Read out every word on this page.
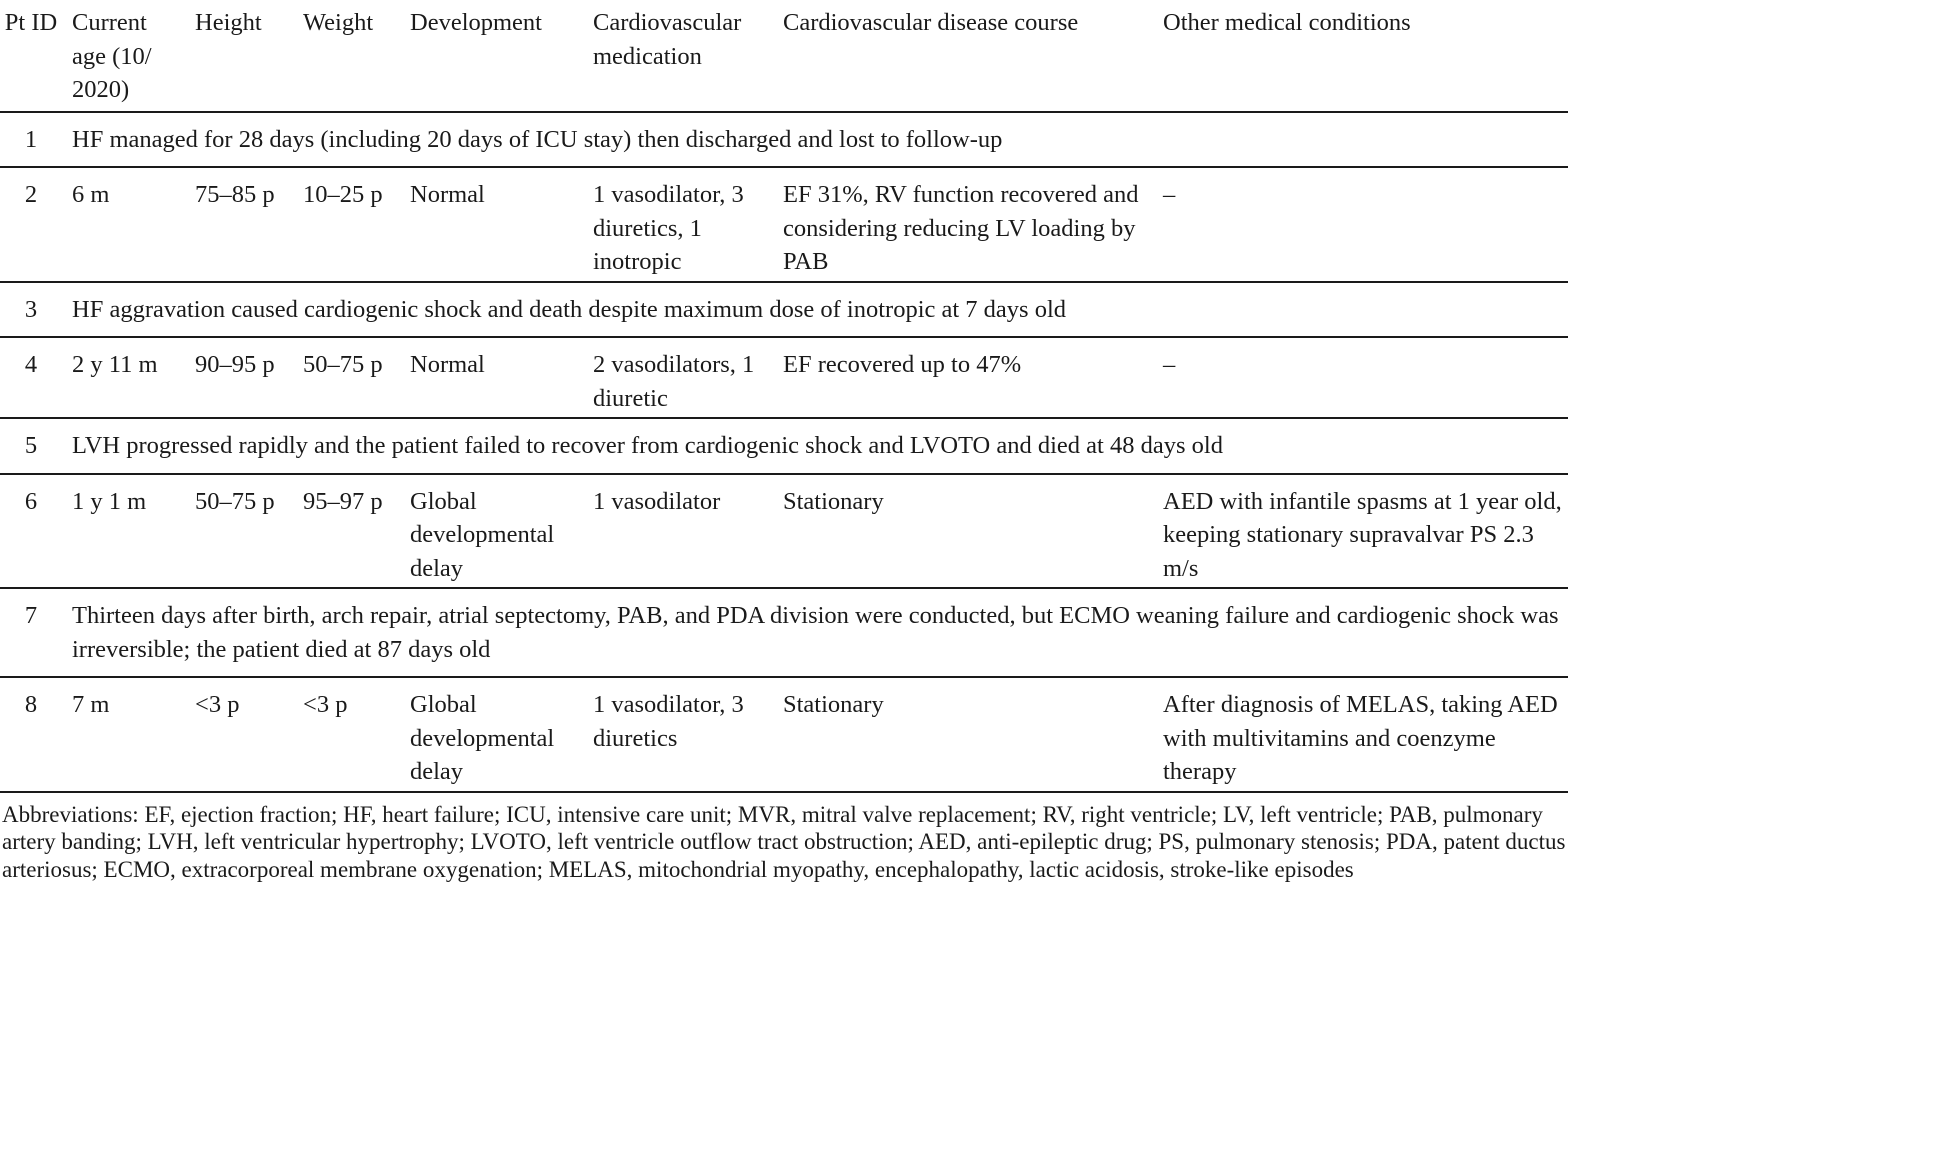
Pt ID	Current age (10/ 2020)	Height	Weight	Development	Cardiovascular medication	Cardiovascular disease course	Other medical conditions
1	HF managed for 28 days (including 20 days of ICU stay) then discharged and lost to follow-up						
2	6 m	75–85 p	10–25 p	Normal	1 vasodilator, 3 diuretics, 1 inotropic	EF 31%, RV function recovered and considering reducing LV loading by PAB	–
3	HF aggravation caused cardiogenic shock and death despite maximum dose of inotropic at 7 days old						
4	2 y 11 m	90–95 p	50–75 p	Normal	2 vasodilators, 1 diuretic	EF recovered up to 47%	–
5	LVH progressed rapidly and the patient failed to recover from cardiogenic shock and LVOTO and died at 48 days old						
6	1 y 1 m	50–75 p	95–97 p	Global developmental delay	1 vasodilator	Stationary	AED with infantile spasms at 1 year old, keeping stationary supravalvar PS 2.3 m/s
7	Thirteen days after birth, arch repair, atrial septectomy, PAB, and PDA division were conducted, but ECMO weaning failure and cardiogenic shock was irreversible; the patient died at 87 days old						
8	7 m	<3 p	<3 p	Global developmental delay	1 vasodilator, 3 diuretics	Stationary	After diagnosis of MELAS, taking AED with multivitamins and coenzyme therapy

Abbreviations: EF, ejection fraction; HF, heart failure; ICU, intensive care unit; MVR, mitral valve replacement; RV, right ventricle; LV, left ventricle; PAB, pulmonary artery banding; LVH, left ventricular hypertrophy; LVOTO, left ventricle outflow tract obstruction; AED, anti-epileptic drug; PS, pulmonary stenosis; PDA, patent ductus arteriosus; ECMO, extracorporeal membrane oxygenation; MELAS, mitochondrial myopathy, encephalopathy, lactic acidosis, stroke-like episodes
